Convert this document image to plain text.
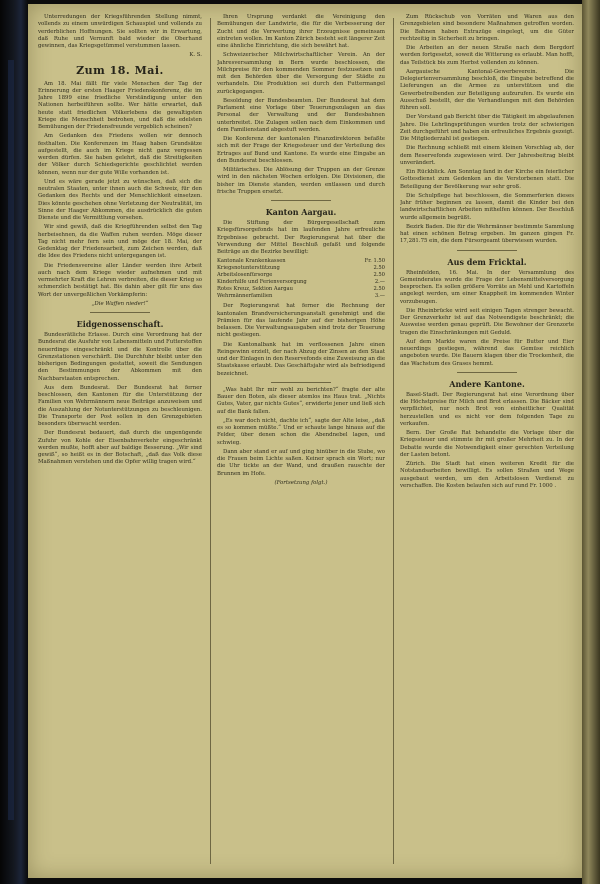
Unterredungen der Kriegsführenden Stellung nimmt, vollends zu einem unwürdigen Schauspiel und vollends zu verderblichen Hoffnungen. Sie sollten wir in Erwartung, daß Ruhe und Vernunft bald wieder die Oberhand gewinnen, das Kriegsgetümmel verstummen lassen.

K. S.
Zum 18. Mai.

Am 18. Mai fällt für viele Menschen der Tag der Erinnerung der ersten Haager Friedenskonferenz, die im Jahre 1899 eine friedliche Verständigung unter den Nationen herbeiführen sollte. Wer hätte erwartet, daß heute statt friedlichen Völkerlebens die gewaltigsten Kriege die Menschheit bedrohen, und daß die edelsten Bemühungen der Friedensfreunde vergeblich scheinen?

Am Gedanken des Friedens wollen wir dennoch festhalten. Die Konferenzen im Haag haben Grundsätze aufgestellt, die auch im Kriege nicht ganz vergessen werden dürfen. Sie haben gelehrt, daß die Streitigkeiten der Völker durch Schiedsgerichte geschlichtet werden können, wenn nur der gute Wille vorhanden ist.

Und es wäre gerade jetzt zu wünschen, daß sich die neutralen Staaten, unter ihnen auch die Schweiz, für den Gedanken des Rechts und der Menschlichkeit einsetzen. Dies könnte geschehen ohne Verletzung der Neutralität, im Sinne der Haager Abkommen, die ausdrücklich die guten Dienste und die Vermittlung vorsehen.

Wir sind gewiß, daß die Kriegführenden selbst den Tag herbeisehnen, da die Waffen ruhen werden. Möge dieser Tag nicht mehr fern sein und möge der 18. Mai, der Gedenktag der Friedensarbeit, zum Zeichen werden, daß die Idee des Friedens nicht untergegangen ist.

Die Friedensvereine aller Länder werden ihre Arbeit auch nach dem Kriege wieder aufnehmen und mit vermehrter Kraft die Lehren verbreiten, die dieser Krieg so schmerzlich bestätigt hat. Bis dahin aber gilt für uns das Wort der unvergeßlichen Vorkämpferin:

„Die Waffen nieder!“
Eidgenossenschaft.

Bundesrätliche Erlasse. Durch eine Verordnung hat der Bundesrat die Ausfuhr von Lebensmitteln und Futterstoffen neuerdings eingeschränkt und die Kontrolle über die Grenzstationen verschärft. Die Durchfuhr bleibt unter den bisherigen Bedingungen gestattet, soweit die Sendungen den Bestimmungen der Abkommen mit den Nachbarstaaten entsprechen.

Aus dem Bundesrat. Der Bundesrat hat ferner beschlossen, den Kantonen für die Unterstützung der Familien von Wehrmännern neue Beiträge anzuweisen und die Auszahlung der Notunterstützungen zu beschleunigen. Die Transporte der Post sollen in den Grenzgebieten besonders überwacht werden.

Der Bundesrat bedauert, daß durch die ungenügende Zufuhr von Kohle der Eisenbahnverkehr eingeschränkt werden mußte, hofft aber auf baldige Besserung. „Wir sind gewiß“, so heißt es in der Botschaft, „daß das Volk diese Maßnahmen verstehen und die Opfer willig tragen wird.“

Ihren Ursprung verdankt die Vereinigung den Bemühungen der Landwirte, die für die Verbesserung der Zucht und die Verwertung ihrer Erzeugnisse gemeinsam eintreten wollen. Im Kanton Zürich besteht seit längerer Zeit eine ähnliche Einrichtung, die sich bewährt hat.

Schweizerischer Milchwirtschaftlicher Verein. An der Jahresversammlung in Bern wurde beschlossen, die Milchpreise für den kommenden Sommer festzusetzen und mit den Behörden über die Versorgung der Städte zu verhandeln. Die Produktion sei durch den Futtermangel zurückgegangen.

Besoldung der Bundesbeamten. Der Bundesrat hat dem Parlament eine Vorlage über Teuerungszulagen an das Personal der Verwaltung und der Bundesbahnen unterbreitet. Die Zulagen sollen nach dem Einkommen und dem Familienstand abgestuft werden.

Die Konferenz der kantonalen Finanzdirektoren befaßte sich mit der Frage der Kriegssteuer und der Verteilung des Ertrages auf Bund und Kantone. Es wurde eine Eingabe an den Bundesrat beschlossen.

Militärisches. Die Ablösung der Truppen an der Grenze wird in den nächsten Wochen erfolgen. Die Divisionen, die bisher im Dienste standen, werden entlassen und durch frische Truppen ersetzt.

Kanton Aargau.

Die Stiftung der Bürgergesellschaft zum Kriegsfürsorgefonds hat im laufenden Jahre erfreuliche Ergebnisse gebracht. Der Regierungsrat hat über die Verwendung der Mittel Beschluß gefaßt und folgende Beiträge an die Bezirke bewilligt:

Kantonale Krankenkassen	Fr. 1.50
Kriegsnotunterstützung	2.50
Arbeitslosenfürsorge	2.50
Kinderhilfe und Ferienversorgung	2.—
Rotes Kreuz, Sektion Aargau	2.50
Wehrmännerfamilien	3.—

Der Regierungsrat hat ferner die Rechnung der kantonalen Brandversicherungsanstalt genehmigt und die Prämien für das laufende Jahr auf der bisherigen Höhe belassen. Die Verwaltungsausgaben sind trotz der Teuerung nicht gestiegen.

Die Kantonalbank hat im verflossenen Jahre einen Reingewinn erzielt, der nach Abzug der Zinsen an den Staat und der Einlagen in den Reservefonds eine Zuweisung an die Staatskasse erlaubt. Das Geschäftsjahr wird als befriedigend bezeichnet.

„Was habt Ihr mir wohl zu berichten?“ fragte der alte Bauer den Boten, als dieser atemlos ins Haus trat. „Nichts Gutes, Vater, gar nichts Gutes“, erwiderte jener und ließ sich auf die Bank fallen.

„Es war doch nicht, dachte ich“, sagte der Alte leise, „daß es so kommen müßte.“ Und er schaute lange hinaus auf die Felder, über denen schon die Abendnebel lagen, und schwieg.

Dann aber stand er auf und ging hinüber in die Stube, wo die Frauen beim Lichte saßen. Keiner sprach ein Wort; nur die Uhr tickte an der Wand, und draußen rauschte der Brunnen im Hofe.

(Fortsetzung folgt.)

Zum Rückschub von Vorräten und Waren aus den Grenzgebieten sind besondere Maßnahmen getroffen worden. Die Bahnen haben Extrazüge eingelegt, um die Güter rechtzeitig in Sicherheit zu bringen.

Die Arbeiten an der neuen Straße nach dem Bergdorf werden fortgesetzt, soweit die Witterung es erlaubt. Man hofft, das Teilstück bis zum Herbst vollenden zu können.

Aargauische Kantonal-Gewerbeverein. Die Delegiertenversammlung beschloß, die Eingabe betreffend die Lieferungen an die Armee zu unterstützen und die Gewerbetreibenden zur Beteiligung aufzurufen. Es wurde ein Ausschuß bestellt, der die Verhandlungen mit den Behörden führen soll.

Der Vorstand gab Bericht über die Tätigkeit im abgelaufenen Jahre. Die Lehrlingsprüfungen wurden trotz der schwierigen Zeit durchgeführt und haben ein erfreuliches Ergebnis gezeigt. Die Mitgliederzahl ist gestiegen.

Die Rechnung schließt mit einem kleinen Vorschlag ab, der dem Reservefonds zugewiesen wird. Der Jahresbeitrag bleibt unverändert.

Ein Rückblick. Am Sonntag fand in der Kirche ein feierlicher Gottesdienst zum Gedenken an die Verstorbenen statt. Die Beteiligung der Bevölkerung war sehr groß.

Die Schulpflege hat beschlossen, die Sommerferien dieses Jahr früher beginnen zu lassen, damit die Kinder bei den landwirtschaftlichen Arbeiten mithelfen können. Der Beschluß wurde allgemein begrüßt.

Bezirk Baden. Die für die Wehrmänner bestimmte Sammlung hat einen schönen Betrag ergeben. Im ganzen gingen Fr. 17,281.75 ein, die dem Fürsorgeamt überwiesen wurden.

Aus dem Fricktal.

Rheinfelden, 16. Mai. In der Versammlung des Gemeinderates wurde die Frage der Lebensmittelversorgung besprochen. Es sollen größere Vorräte an Mehl und Kartoffeln angelegt werden, um einer Knappheit im kommenden Winter vorzubeugen.

Die Rheinbrücke wird seit einigen Tagen strenger bewacht. Der Grenzverkehr ist auf das Notwendigste beschränkt; die Ausweise werden genau geprüft. Die Bewohner der Grenzorte tragen die Einschränkungen mit Geduld.

Auf dem Markte waren die Preise für Butter und Eier neuerdings gestiegen, während das Gemüse reichlich angeboten wurde. Die Bauern klagen über die Trockenheit, die das Wachstum des Grases hemmt.

Andere Kantone.

Basel-Stadt. Der Regierungsrat hat eine Verordnung über die Höchstpreise für Milch und Brot erlassen. Die Bäcker sind verpflichtet, nur noch Brot von einheitlicher Qualität herzustellen und es nicht vor dem folgenden Tage zu verkaufen.

Bern. Der Große Rat behandelte die Vorlage über die Kriegssteuer und stimmte ihr mit großer Mehrheit zu. In der Debatte wurde die Notwendigkeit einer gerechten Verteilung der Lasten betont.

Zürich. Die Stadt hat einen weiteren Kredit für die Notstandsarbeiten bewilligt. Es sollen Straßen und Wege ausgebaut werden, um den Arbeitslosen Verdienst zu verschaffen. Die Kosten belaufen sich auf rund Fr. 1000 .
